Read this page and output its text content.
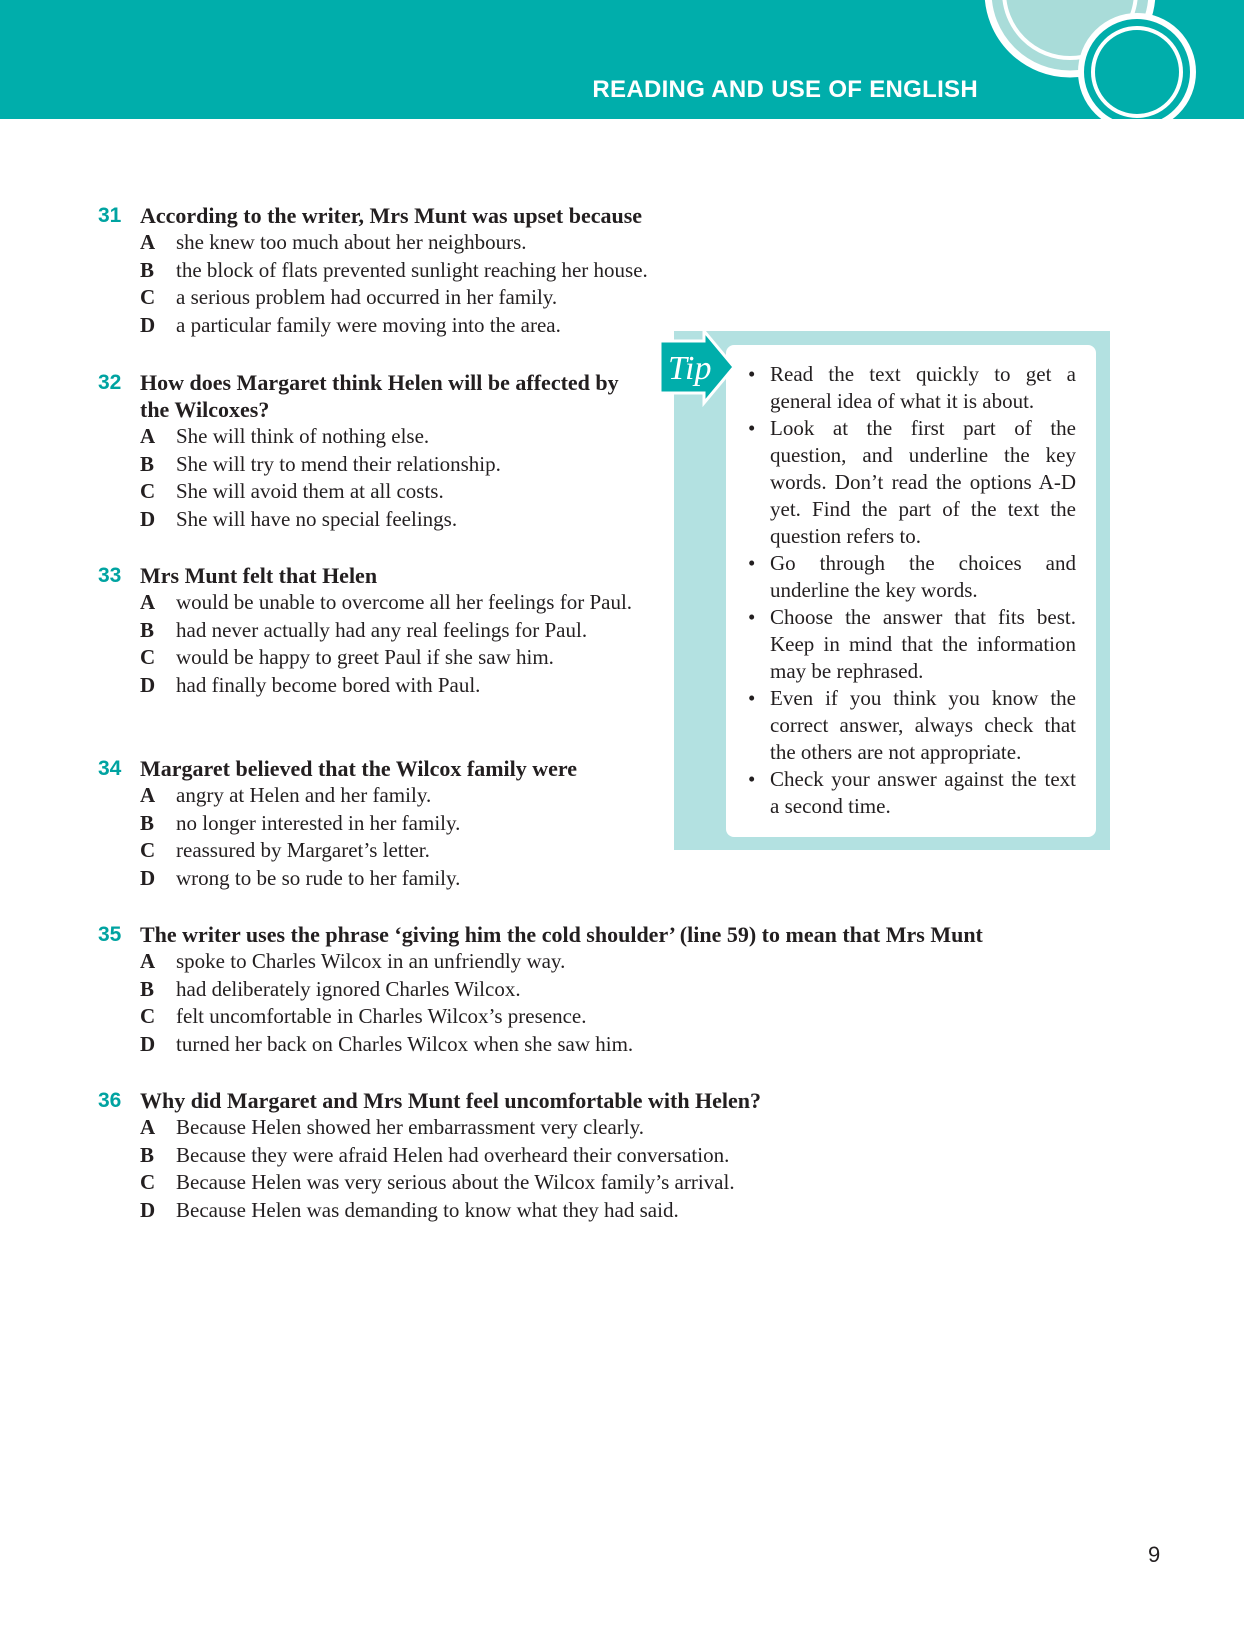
READING AND USE OF ENGLISH
31 According to the writer, Mrs Munt was upset because
A she knew too much about her neighbours.
B the block of flats prevented sunlight reaching her house.
C a serious problem had occurred in her family.
D a particular family were moving into the area.
32 How does Margaret think Helen will be affected by the Wilcoxes?
A She will think of nothing else.
B She will try to mend their relationship.
C She will avoid them at all costs.
D She will have no special feelings.
33 Mrs Munt felt that Helen
A would be unable to overcome all her feelings for Paul.
B had never actually had any real feelings for Paul.
C would be happy to greet Paul if she saw him.
D had finally become bored with Paul.
34 Margaret believed that the Wilcox family were
A angry at Helen and her family.
B no longer interested in her family.
C reassured by Margaret’s letter.
D wrong to be so rude to her family.
35 The writer uses the phrase ‘giving him the cold shoulder’ (line 59) to mean that Mrs Munt
A spoke to Charles Wilcox in an unfriendly way.
B had deliberately ignored Charles Wilcox.
C felt uncomfortable in Charles Wilcox’s presence.
D turned her back on Charles Wilcox when she saw him.
36 Why did Margaret and Mrs Munt feel uncomfortable with Helen?
A Because Helen showed her embarrassment very clearly.
B Because they were afraid Helen had overheard their conversation.
C Because Helen was very serious about the Wilcox family’s arrival.
D Because Helen was demanding to know what they had said.
• Read the text quickly to get a general idea of what it is about.
• Look at the first part of the question, and underline the key words. Don’t read the options A-D yet. Find the part of the text the question refers to.
• Go through the choices and underline the key words.
• Choose the answer that fits best. Keep in mind that the information may be rephrased.
• Even if you think you know the correct answer, always check that the others are not appropriate.
• Check your answer against the text a second time.
Tip
9
